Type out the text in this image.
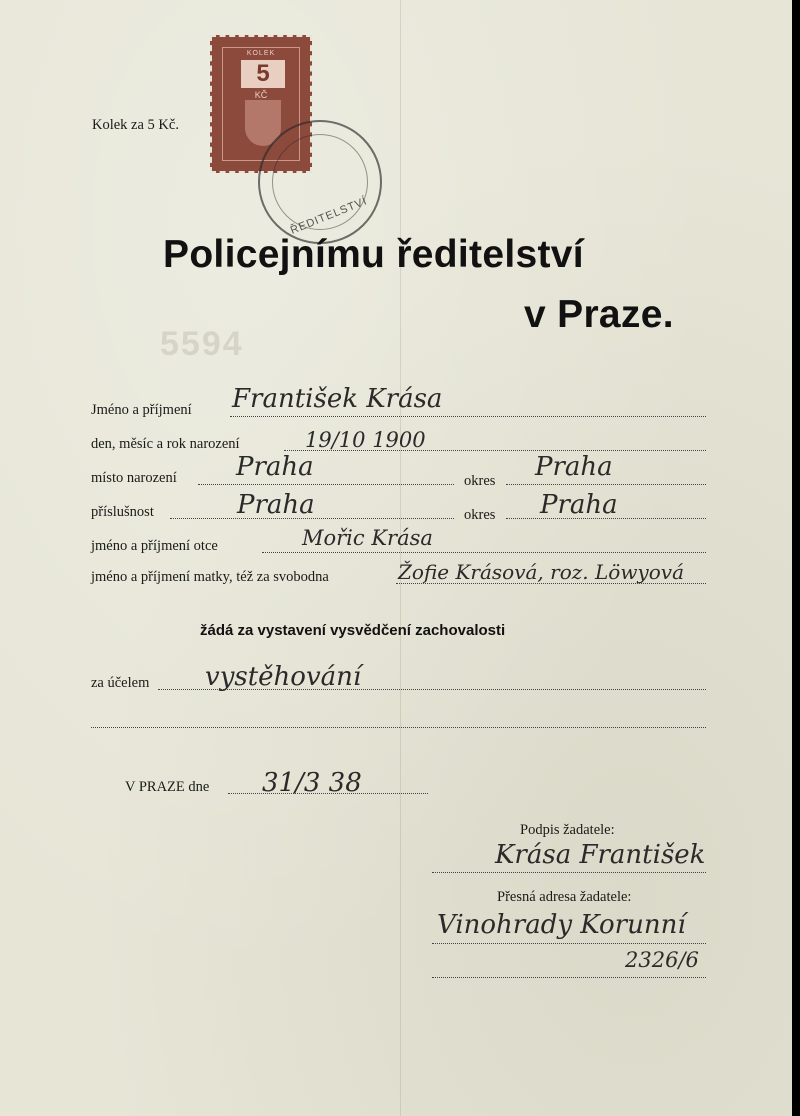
Kolek za 5 Kč.
KOLEK
5
KČ
ŘEDITELSTVÍ
5594
Policejnímu ředitelství
v Praze.
Jméno a příjmení František Krása
den, měsíc a rok narození	19/10 1900
místo narození Praha	okres Praha
příslušnost	Praha	okres Praha
jméno a příjmení otce	Mořic Krása
jméno a příjmení matky, též za svobodna	Žofie Krásová, roz. Löwyová
žádá za vystavení vysvědčení zachovalosti
za účelem vystěhování
V PRAZE dne 31/3 38
Podpis žadatele:
Krása František
Přesná adresa žadatele:
Vinohrady Korunní
2326/6
